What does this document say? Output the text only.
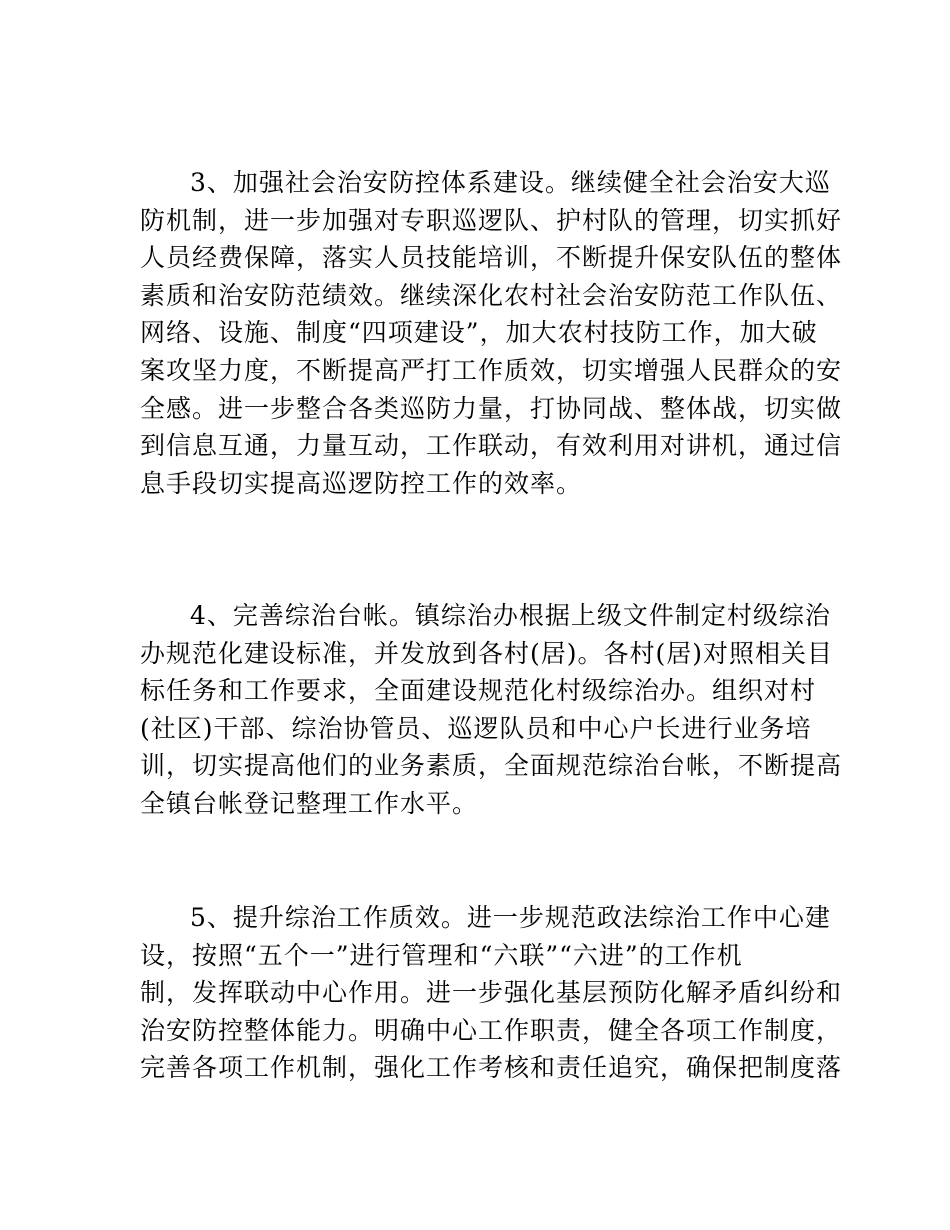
3、加强社会治安防控体系建设。继续健全社会治安大巡
防机制，进一步加强对专职巡逻队、护村队的管理，切实抓好
人员经费保障，落实人员技能培训，不断提升保安队伍的整体
素质和治安防范绩效。继续深化农村社会治安防范工作队伍、
网络、设施、制度“四项建设”，加大农村技防工作，加大破
案攻坚力度，不断提高严打工作质效，切实增强人民群众的安
全感。进一步整合各类巡防力量，打协同战、整体战，切实做
到信息互通，力量互动，工作联动，有效利用对讲机，通过信
息手段切实提高巡逻防控工作的效率。
4、完善综治台帐。镇综治办根据上级文件制定村级综治
办规范化建设标准，并发放到各村(居)。各村(居)对照相关目
标任务和工作要求，全面建设规范化村级综治办。组织对村
(社区)干部、综治协管员、巡逻队员和中心户长进行业务培
训，切实提高他们的业务素质，全面规范综治台帐，不断提高
全镇台帐登记整理工作水平。
5、提升综治工作质效。进一步规范政法综治工作中心建
设，按照“五个一”进行管理和“六联”“六进”的工作机
制，发挥联动中心作用。进一步强化基层预防化解矛盾纠纷和
治安防控整体能力。明确中心工作职责，健全各项工作制度，
完善各项工作机制，强化工作考核和责任追究，确保把制度落
